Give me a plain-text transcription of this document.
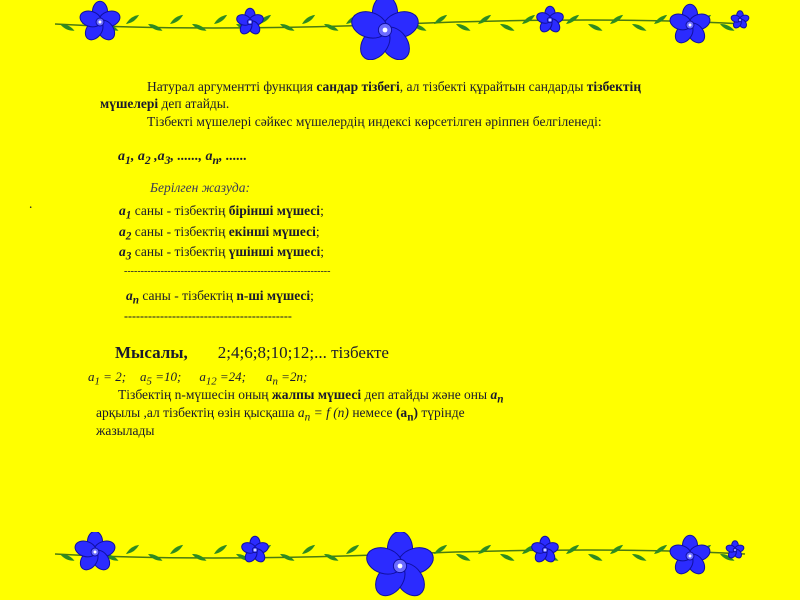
Натурал аргументті функция сандар тізбегі, ал тізбекті құрайтын сандарды тізбектің

мүшелері деп атайды.

Тізбекті мүшелері сәйкес мүшелердің индексі көрсетілген әріппен белгіленеді:

$a_1$, $a_2$ $,a_3$, ......, $a_n$, ......

Берілген жазуда:

.	$a_1$ саны - тізбектің бірінші мүшесі;

$a_2$ саны - тізбектің екінші мүшесі;

$a_3$ саны - тізбектің үшінші мүшесі;

--------------------------------------------------------------

$a_n$ саны - тізбектің n-ші мүшесі;

------------------------------------------

Мысалы, 2;4;6;8;10;12;... тізбекте

$a_1 = 2$; $a_5 =10$; $a_{12} =24$; $a_n =2n$;

Тізбектің n-мүшесін оның жалпы мүшесі деп атайды және оны $a_n$

арқылы ,ал тізбектің өзін қысқаша $a_n = f$ (n) немесе $(a_n)$ түрінде

жазылады
